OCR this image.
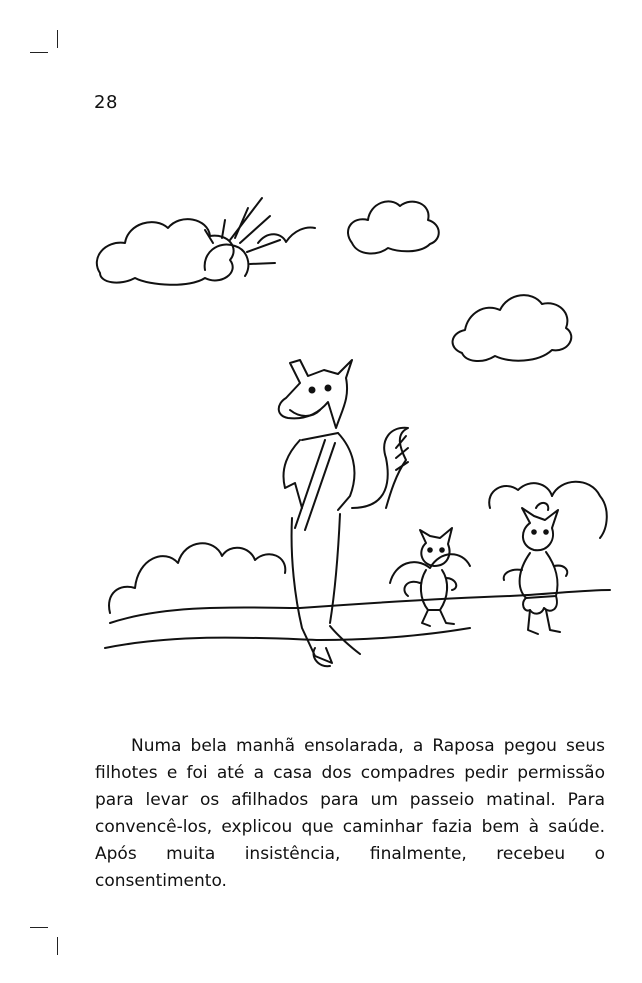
28

Numa bela manhã ensolarada, a Raposa pegou seus filhotes e foi até a casa dos compadres pedir permissão para levar os afilhados para um passeio matinal. Para convencê-los, explicou que caminhar fazia bem à saúde. Após muita insistência, finalmente, recebeu o consentimento.
